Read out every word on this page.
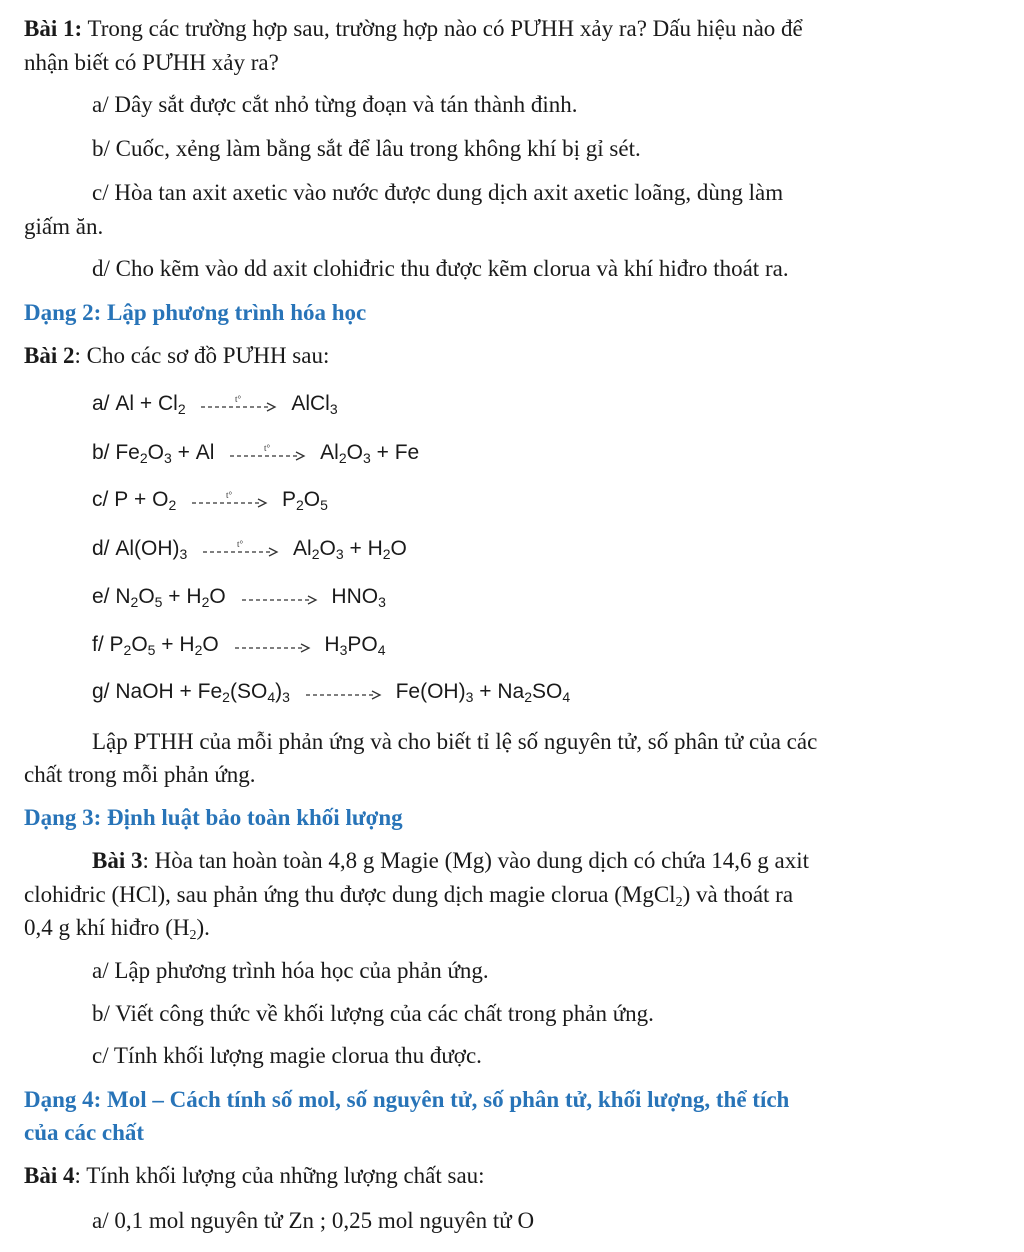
Bài 1: Trong các trường hợp sau, trường hợp nào có PƯHH xảy ra? Dấu hiệu nào để
nhận biết có PƯHH xảy ra?
a/ Dây sắt được cắt nhỏ từng đoạn và tán thành đinh.
b/ Cuốc, xẻng làm bằng sắt để lâu trong không khí bị gỉ sét.
c/ Hòa tan axit axetic vào nước được dung dịch axit axetic loãng, dùng làm
giấm ăn.
d/ Cho kẽm vào dd axit clohiđric thu được kẽm clorua và khí hiđro thoát ra.
Dạng 2: Lập phương trình hóa học
Bài 2: Cho các sơ đồ PƯHH sau:
a/ $Al + Cl_2$
t° AlCl$_3$
b/ $Fe_2O_3 + Al$	t° $Al_2O_3 + Fe$
c/ $P + O_2$
t° $P_2O_5$
d/ $Al(OH)_3$
t° $Al_2O_3 + H_2O$
e/ $N_2O_5 + H_2O \to HNO_3$
f/ $P_2O_5 + H_2O \to H_3PO_4$
g/ NaOH + $Fe_2(SO_4)_3 \to Fe(OH)_3 + Na_2SO_4$
Lập PTHH của mỗi phản ứng và cho biết tỉ lệ số nguyên tử, số phân tử của các
chất trong mỗi phản ứng.
Dạng 3: Định luật bảo toàn khối lượng
Bài 3: Hòa tan hoàn toàn 4,8 g Magie (Mg) vào dung dịch có chứa 14,6 g axit
clohiđric (HCl), sau phản ứng thu được dung dịch magie clorua (MgCl$_2$) và thoát ra
0,4 g khí hiđro $(H_2)$.
a/ Lập phương trình hóa học của phản ứng.
b/ Viết công thức về khối lượng của các chất trong phản ứng.
c/ Tính khối lượng magie clorua thu được.
Dạng 4: Mol – Cách tính số mol, số nguyên tử, số phân tử, khối lượng, thể tích
của các chất
Bài 4: Tính khối lượng của những lượng chất sau:
a/ 0,1 mol nguyên tử Zn ; 0,25 mol nguyên tử O
